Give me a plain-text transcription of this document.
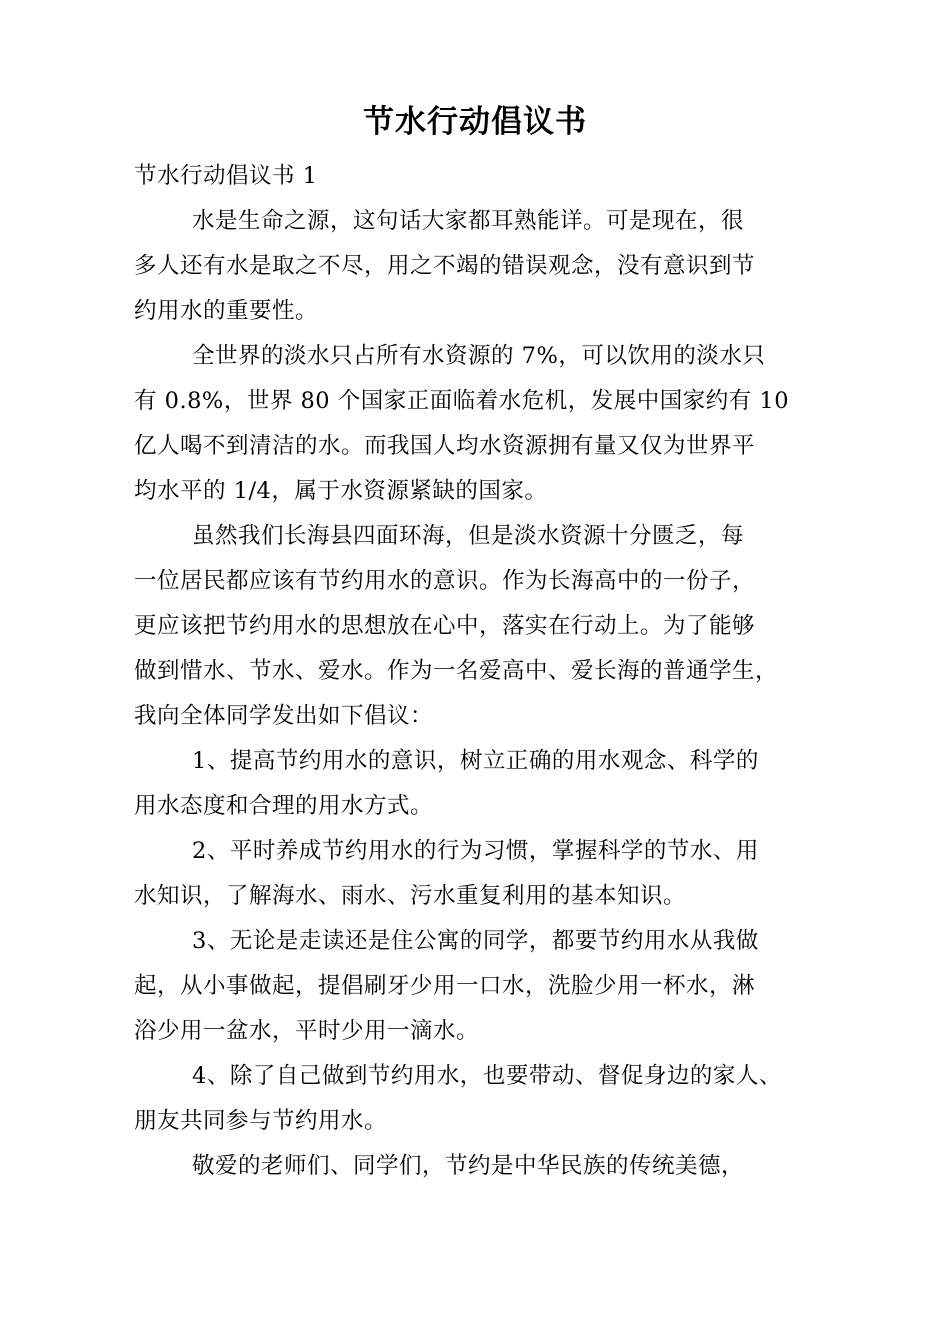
节水行动倡议书
节水行动倡议书 1
水是生命之源，这句话大家都耳熟能详。可是现在，很
多人还有水是取之不尽，用之不竭的错误观念，没有意识到节
约用水的重要性。
全世界的淡水只占所有水资源的 7%，可以饮用的淡水只
有 0.8%，世界 80 个国家正面临着水危机，发展中国家约有 10
亿人喝不到清洁的水。而我国人均水资源拥有量又仅为世界平
均水平的 1/4，属于水资源紧缺的国家。
虽然我们长海县四面环海，但是淡水资源十分匮乏，每
一位居民都应该有节约用水的意识。作为长海高中的一份子，
更应该把节约用水的思想放在心中，落实在行动上。为了能够
做到惜水、节水、爱水。作为一名爱高中、爱长海的普通学生，
我向全体同学发出如下倡议：
1、提高节约用水的意识，树立正确的用水观念、科学的
用水态度和合理的用水方式。
2、平时养成节约用水的行为习惯，掌握科学的节水、用
水知识，了解海水、雨水、污水重复利用的基本知识。
3、无论是走读还是住公寓的同学，都要节约用水从我做
起，从小事做起，提倡刷牙少用一口水，洗脸少用一杯水，淋
浴少用一盆水，平时少用一滴水。
4、除了自己做到节约用水，也要带动、督促身边的家人、
朋友共同参与节约用水。
敬爱的老师们、同学们，节约是中华民族的传统美德，
